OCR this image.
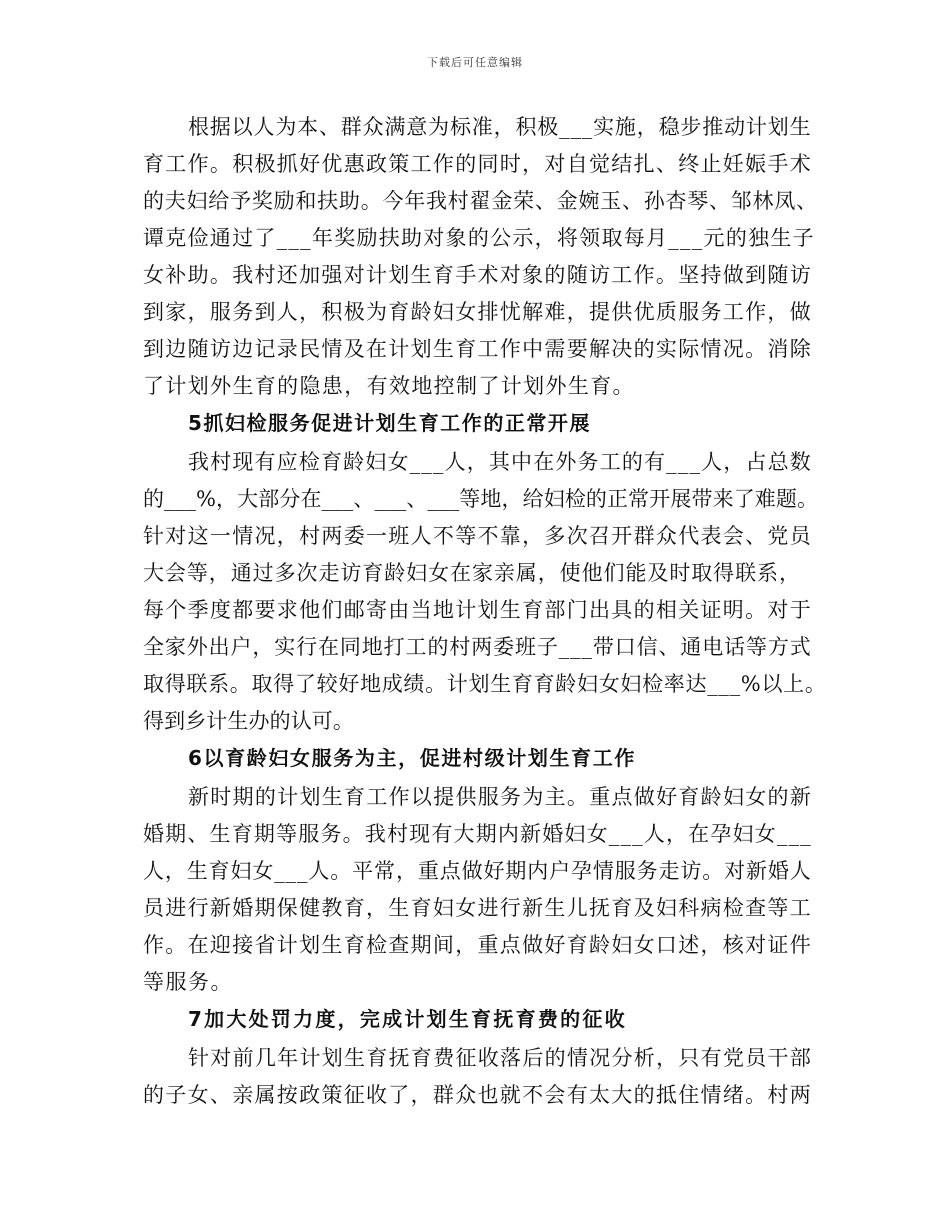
下载后可任意编辑
根据以人为本、群众满意为标准，积极___实施，稳步推动计划生
育工作。积极抓好优惠政策工作的同时，对自觉结扎、终止妊娠手术
的夫妇给予奖励和扶助。今年我村翟金荣、金婉玉、孙杏琴、邹林凤、
谭克俭通过了___年奖励扶助对象的公示，将领取每月___元的独生子
女补助。我村还加强对计划生育手术对象的随访工作。坚持做到随访
到家，服务到人，积极为育龄妇女排忧解难，提供优质服务工作，做
到边随访边记录民情及在计划生育工作中需要解决的实际情况。消除
了计划外生育的隐患，有效地控制了计划外生育。
5抓妇检服务促进计划生育工作的正常开展
我村现有应检育龄妇女___人，其中在外务工的有___人，占总数
的___%，大部分在___、___、___等地，给妇检的正常开展带来了难题。
针对这一情况，村两委一班人不等不靠，多次召开群众代表会、党员
大会等，通过多次走访育龄妇女在家亲属，使他们能及时取得联系，
每个季度都要求他们邮寄由当地计划生育部门出具的相关证明。对于
全家外出户，实行在同地打工的村两委班子___带口信、通电话等方式
取得联系。取得了较好地成绩。计划生育育龄妇女妇检率达___%以上。
得到乡计生办的认可。
6以育龄妇女服务为主，促进村级计划生育工作
新时期的计划生育工作以提供服务为主。重点做好育龄妇女的新
婚期、生育期等服务。我村现有大期内新婚妇女___人，在孕妇女___
人，生育妇女___人。平常，重点做好期内户孕情服务走访。对新婚人
员进行新婚期保健教育，生育妇女进行新生儿抚育及妇科病检查等工
作。在迎接省计划生育检查期间，重点做好育龄妇女口述，核对证件
等服务。
7加大处罚力度，完成计划生育抚育费的征收
针对前几年计划生育抚育费征收落后的情况分析，只有党员干部
的子女、亲属按政策征收了，群众也就不会有太大的抵住情绪。村两
